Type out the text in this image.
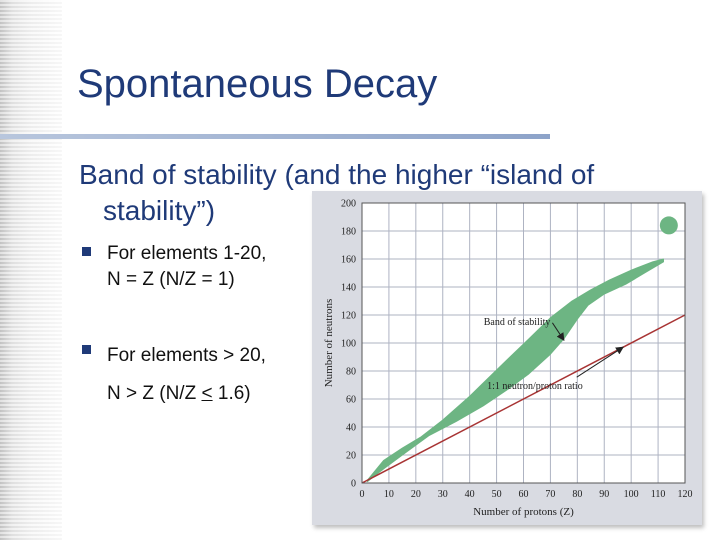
Spontaneous Decay
Band of stability (and the higher “island of
stability”)
For elements 1-20,
N = Z (N/Z = 1)
For elements > 20,
N > Z (N/Z < 1.6)
0 10 20 30 40 50 60 70 80 90 100 110 120
0
20
40
60
80
100
120
140
160
180
200
Number of protons (Z)
Number of neutrons	Band of stability
1:1 neutron/proton ratio
